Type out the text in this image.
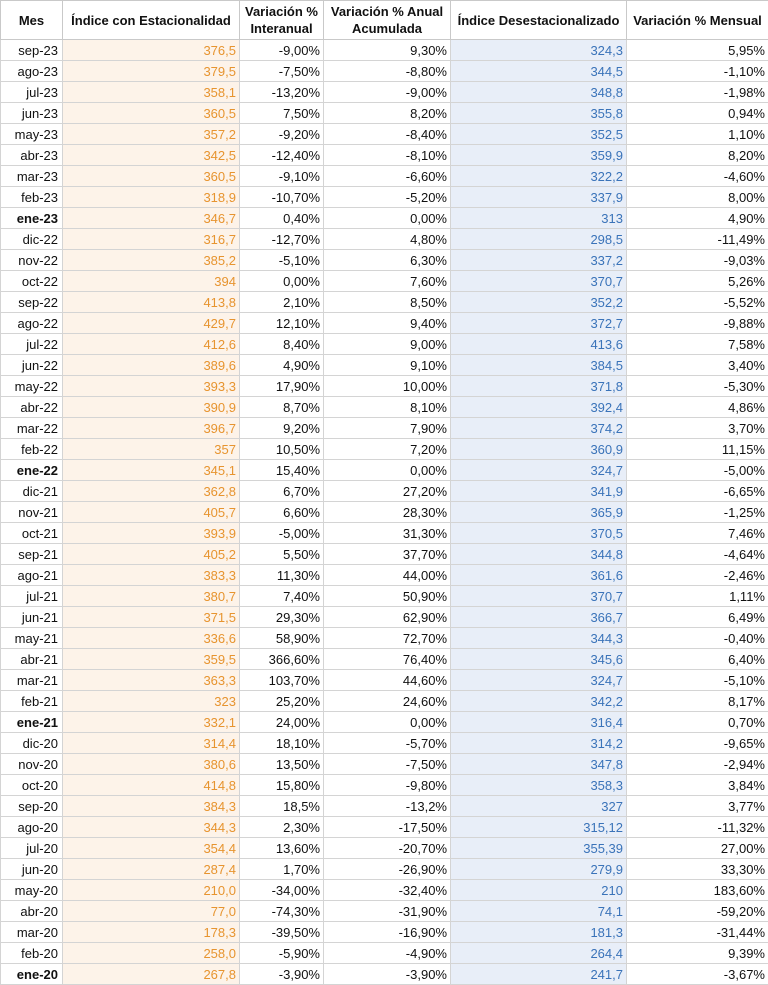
Mes	Índice con Estacionalidad	Variación % Interanual	Variación % Anual Acumulada	Índice Desestacionalizado	Variación % Mensual
sep-23	376,5	-9,00%	9,30%	324,3	5,95%
ago-23	379,5	-7,50%	-8,80%	344,5	-1,10%
jul-23	358,1	-13,20%	-9,00%	348,8	-1,98%
jun-23	360,5	7,50%	8,20%	355,8	0,94%
may-23	357,2	-9,20%	-8,40%	352,5	1,10%
abr-23	342,5	-12,40%	-8,10%	359,9	8,20%
mar-23	360,5	-9,10%	-6,60%	322,2	-4,60%
feb-23	318,9	-10,70%	-5,20%	337,9	8,00%
ene-23	346,7	0,40%	0,00%	313	4,90%
dic-22	316,7	-12,70%	4,80%	298,5	-11,49%
nov-22	385,2	-5,10%	6,30%	337,2	-9,03%
oct-22	394	0,00%	7,60%	370,7	5,26%
sep-22	413,8	2,10%	8,50%	352,2	-5,52%
ago-22	429,7	12,10%	9,40%	372,7	-9,88%
jul-22	412,6	8,40%	9,00%	413,6	7,58%
jun-22	389,6	4,90%	9,10%	384,5	3,40%
may-22	393,3	17,90%	10,00%	371,8	-5,30%
abr-22	390,9	8,70%	8,10%	392,4	4,86%
mar-22	396,7	9,20%	7,90%	374,2	3,70%
feb-22	357	10,50%	7,20%	360,9	11,15%
ene-22	345,1	15,40%	0,00%	324,7	-5,00%
dic-21	362,8	6,70%	27,20%	341,9	-6,65%
nov-21	405,7	6,60%	28,30%	365,9	-1,25%
oct-21	393,9	-5,00%	31,30%	370,5	7,46%
sep-21	405,2	5,50%	37,70%	344,8	-4,64%
ago-21	383,3	11,30%	44,00%	361,6	-2,46%
jul-21	380,7	7,40%	50,90%	370,7	1,11%
jun-21	371,5	29,30%	62,90%	366,7	6,49%
may-21	336,6	58,90%	72,70%	344,3	-0,40%
abr-21	359,5	366,60%	76,40%	345,6	6,40%
mar-21	363,3	103,70%	44,60%	324,7	-5,10%
feb-21	323	25,20%	24,60%	342,2	8,17%
ene-21	332,1	24,00%	0,00%	316,4	0,70%
dic-20	314,4	18,10%	-5,70%	314,2	-9,65%
nov-20	380,6	13,50%	-7,50%	347,8	-2,94%
oct-20	414,8	15,80%	-9,80%	358,3	3,84%
sep-20	384,3	18,5%	-13,2%	327	3,77%
ago-20	344,3	2,30%	-17,50%	315,12	-11,32%
jul-20	354,4	13,60%	-20,70%	355,39	27,00%
jun-20	287,4	1,70%	-26,90%	279,9	33,30%
may-20	210,0	-34,00%	-32,40%	210	183,60%
abr-20	77,0	-74,30%	-31,90%	74,1	-59,20%
mar-20	178,3	-39,50%	-16,90%	181,3	-31,44%
feb-20	258,0	-5,90%	-4,90%	264,4	9,39%
ene-20	267,8	-3,90%	-3,90%	241,7	-3,67%
